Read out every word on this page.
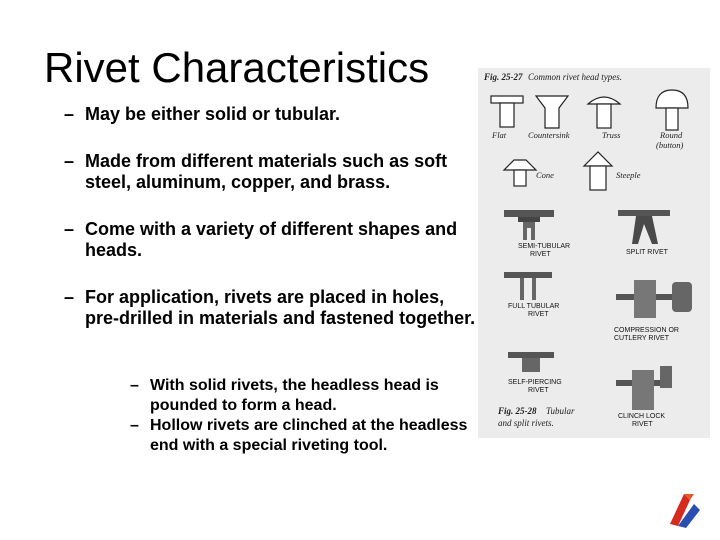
Rivet Characteristics
– May be either solid or tubular.
– Made from different materials such as soft steel, aluminum, copper, and brass.
– Come with a variety of different shapes and heads.
– For application, rivets are placed in holes, pre-drilled in materials and fastened together.
– With solid rivets, the headless head is pounded to form a head.
– Hollow rivets are clinched at the headless end with a special riveting tool.
Fig. 25-27 Common rivet head types.
Flat	Countersink	Truss	Round
(button)
Cone	Steeple
SEMI-TUBULAR
RIVET	SPLIT RIVET
FULL TUBULAR
RIVET
COMPRESSION OR
CUTLERY RIVET
SELF-PIERCING
RIVET
CLINCH LOCK
RIVET
Fig. 25-28 Tubular
and split rivets.
